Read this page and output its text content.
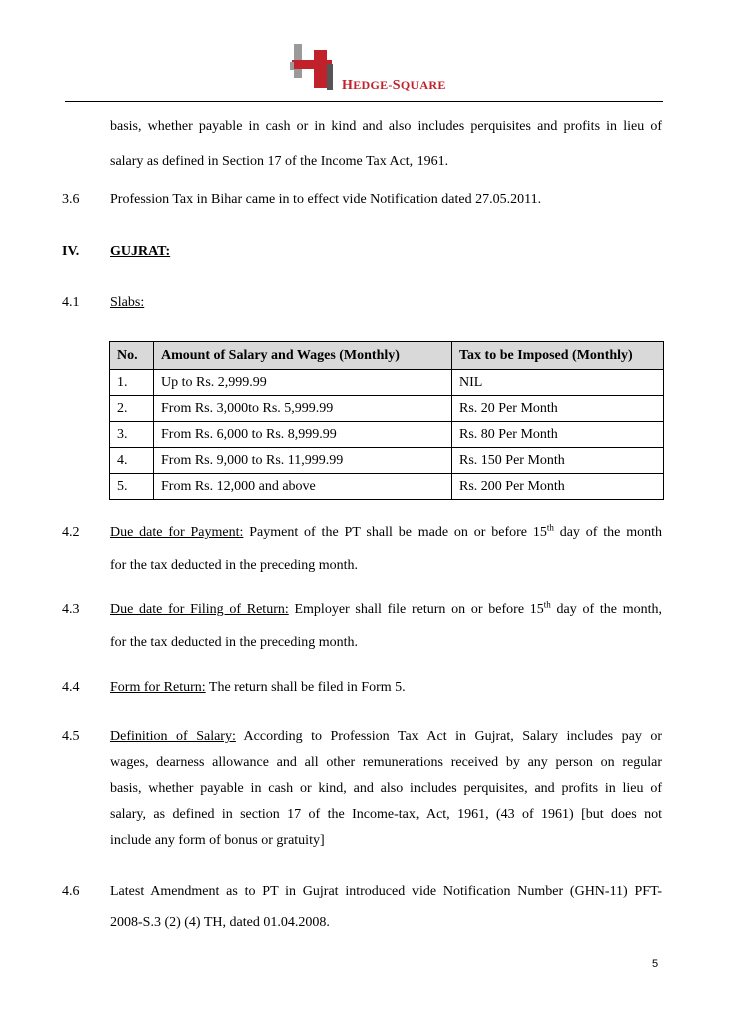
HEDGE-SQUARE
basis, whether payable in cash or in kind and also includes perquisites and profits in lieu of
salary as defined in Section 17 of the Income Tax Act, 1961.
3.6 Profession Tax in Bihar came in to effect vide Notification dated 27.05.2011.
IV. GUJRAT:
4.1 Slabs:
No.	Amount of Salary and Wages (Monthly)	Tax to be Imposed (Monthly)
1.	Up to Rs. 2,999.99	NIL
2.	From Rs. 3,000to Rs. 5,999.99	Rs. 20 Per Month
3.	From Rs. 6,000 to Rs. 8,999.99	Rs. 80 Per Month
4.	From Rs. 9,000 to Rs. 11,999.99	Rs. 150 Per Month
5.	From Rs. 12,000 and above	Rs. 200 Per Month
4.2 Due date for Payment: Payment of the PT shall be made on or before 15th day of the month
for the tax deducted in the preceding month.
4.3 Due date for Filing of Return: Employer shall file return on or before 15th day of the month,
for the tax deducted in the preceding month.
4.4 Form for Return: The return shall be filed in Form 5.
4.5 Definition of Salary: According to Profession Tax Act in Gujrat, Salary includes pay or
wages, dearness allowance and all other remunerations received by any person on regular
basis, whether payable in cash or kind, and also includes perquisites, and profits in lieu of
salary, as defined in section 17 of the Income-tax, Act, 1961, (43 of 1961) [but does not
include any form of bonus or gratuity]
4.6 Latest Amendment as to PT in Gujrat introduced vide Notification Number (GHN-11) PFT-
2008-S.3 (2) (4) TH, dated 01.04.2008.
5
